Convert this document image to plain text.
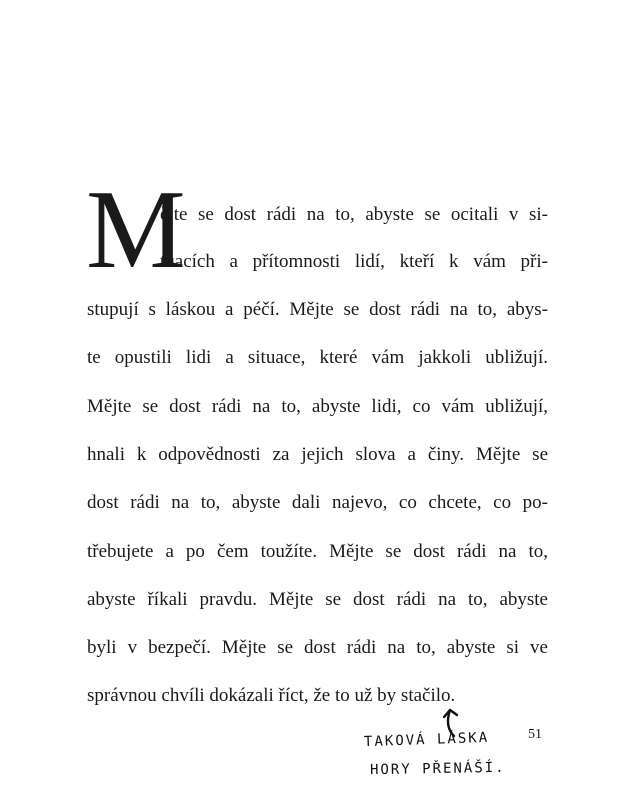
M
ějte se dost rádi na to, abyste se ocitali v si-
tuacích a přítomnosti lidí, kteří k vám při-
stupují s láskou a péčí. Mějte se dost rádi na to, abys-
te opustili lidi a situace, které vám jakkoli ubližují.
Mějte se dost rádi na to, abyste lidi, co vám ubližují,
hnali k odpovědnosti za jejich slova a činy. Mějte se
dost rádi na to, abyste dali najevo, co chcete, co po-
třebujete a po čem toužíte. Mějte se dost rádi na to,
abyste říkali pravdu. Mějte se dost rádi na to, abyste
byli v bezpečí. Mějte se dost rádi na to, abyste si ve
správnou chvíli dokázali říct, že to už by stačilo.
TAKOVÁ LÁSKA
HORY PŘENÁŠÍ.
51
